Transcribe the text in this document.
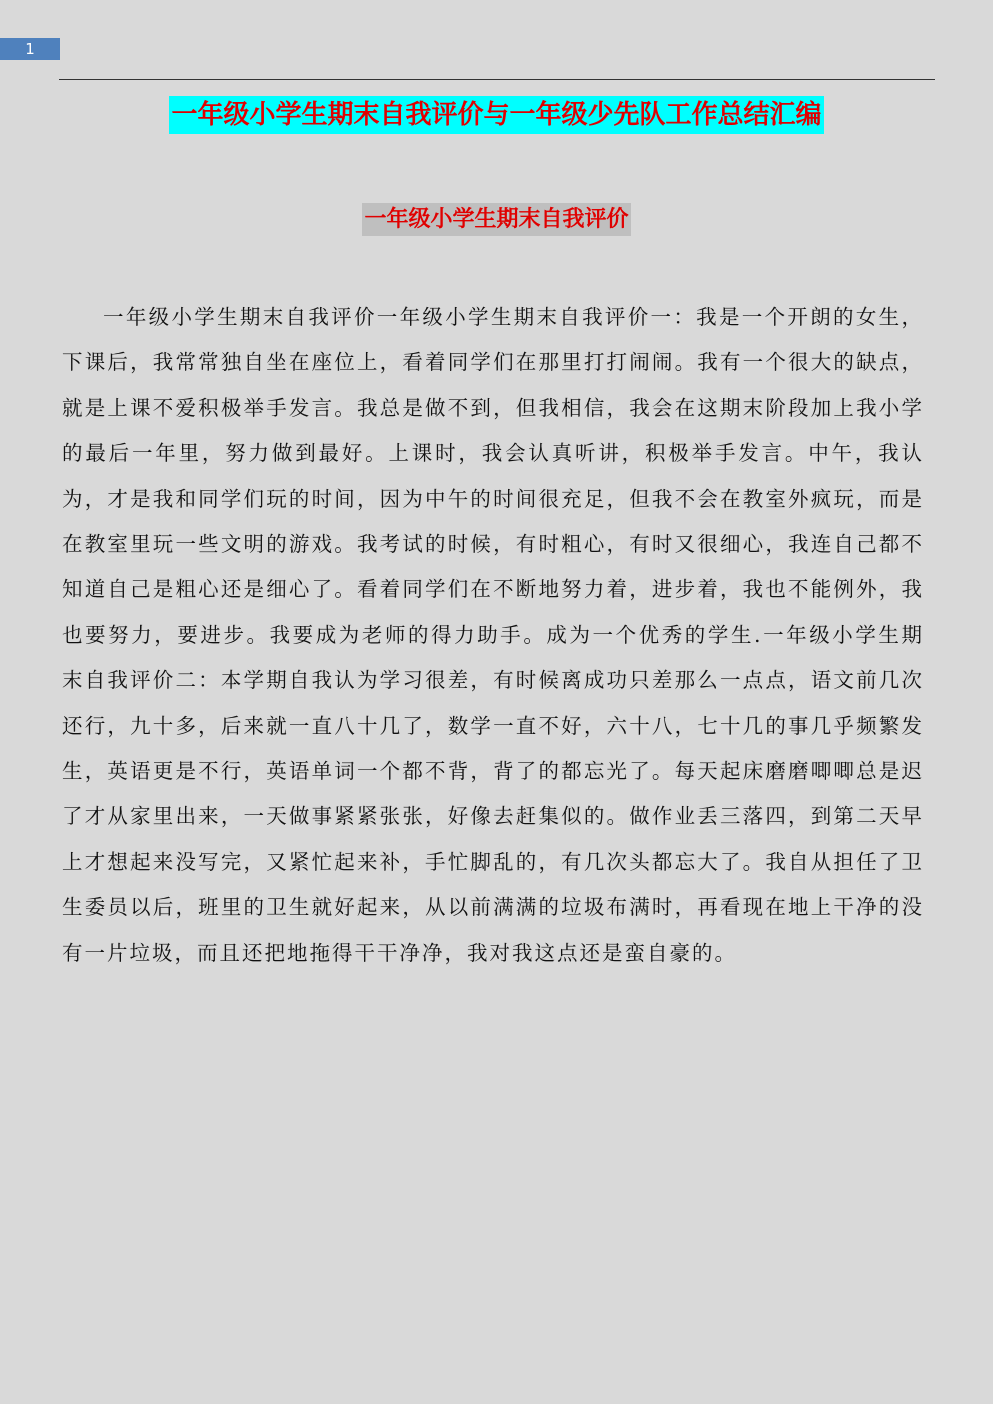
1
一年级小学生期末自我评价与一年级少先队工作总结汇编
一年级小学生期末自我评价

一年级小学生期末自我评价一年级小学生期末自我评价一：我是一个开朗的女生，下课后，我常常独自坐在座位上，看着同学们在那里打打闹闹。我有一个很大的缺点，就是上课不爱积极举手发言。我总是做不到，但我相信，我会在这期末阶段加上我小学的最后一年里，努力做到最好。上课时，我会认真听讲，积极举手发言。中午，我认为，才是我和同学们玩的时间，因为中午的时间很充足，但我不会在教室外疯玩，而是在教室里玩一些文明的游戏。我考试的时候，有时粗心，有时又很细心，我连自己都不知道自己是粗心还是细心了。看着同学们在不断地努力着，进步着，我也不能例外，我也要努力，要进步。我要成为老师的得力助手。成为一个优秀的学生.一年级小学生期末自我评价二：本学期自我认为学习很差，有时候离成功只差那么一点点，语文前几次还行，九十多，后来就一直八十几了，数学一直不好，六十八，七十几的事几乎频繁发生，英语更是不行，英语单词一个都不背，背了的都忘光了。每天起床磨磨唧唧总是迟了才从家里出来，一天做事紧紧张张，好像去赶集似的。做作业丢三落四，到第二天早上才想起来没写完，又紧忙起来补，手忙脚乱的，有几次头都忘大了。我自从担任了卫生委员以后，班里的卫生就好起来，从以前满满的垃圾布满时，再看现在地上干净的没有一片垃圾，而且还把地拖得干干净净，我对我这点还是蛮自豪的。
